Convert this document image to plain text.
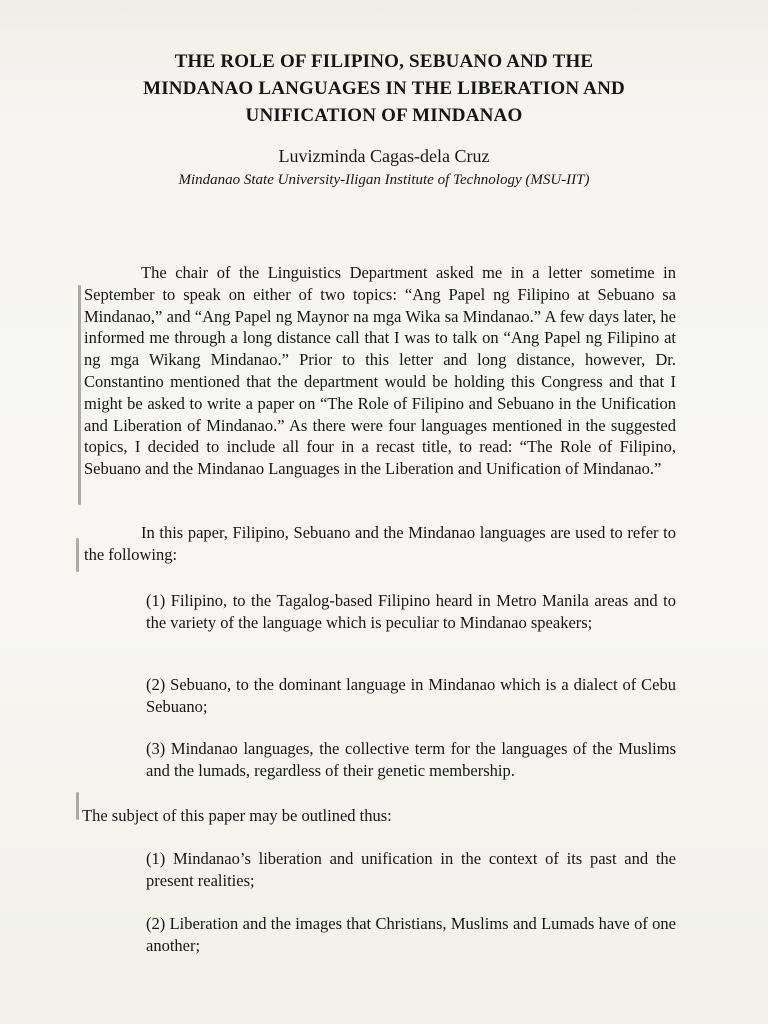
THE ROLE OF FILIPINO, SEBUANO AND THE
MINDANAO LANGUAGES IN THE LIBERATION AND
UNIFICATION OF MINDANAO
Luvizminda Cagas-dela Cruz
Mindanao State University-Iligan Institute of Technology (MSU-IIT)
The chair of the Linguistics Department asked me in a letter sometime in September to speak on either of two topics: “Ang Papel ng Filipino at Sebuano sa Mindanao,” and “Ang Papel ng Maynor na mga Wika sa Mindanao.” A few days later, he informed me through a long distance call that I was to talk on “Ang Papel ng Filipino at ng mga Wikang Mindanao.” Prior to this letter and long distance, however, Dr. Constantino mentioned that the department would be holding this Congress and that I might be asked to write a paper on “The Role of Filipino and Sebuano in the Unification and Liberation of Mindanao.” As there were four languages mentioned in the suggested topics, I decided to include all four in a recast title, to read: “The Role of Filipino, Sebuano and the Mindanao Languages in the Liberation and Unification of Mindanao.”
In this paper, Filipino, Sebuano and the Mindanao languages are used to refer to the following:
(1) Filipino, to the Tagalog-based Filipino heard in Metro Manila areas and to the variety of the language which is peculiar to Mindanao speakers;
(2) Sebuano, to the dominant language in Mindanao which is a dialect of Cebu Sebuano;
(3) Mindanao languages, the collective term for the languages of the Muslims and the lumads, regardless of their genetic membership.
The subject of this paper may be outlined thus:
(1) Mindanao’s liberation and unification in the context of its past and the present realities;
(2) Liberation and the images that Christians, Muslims and Lumads have of one another;
